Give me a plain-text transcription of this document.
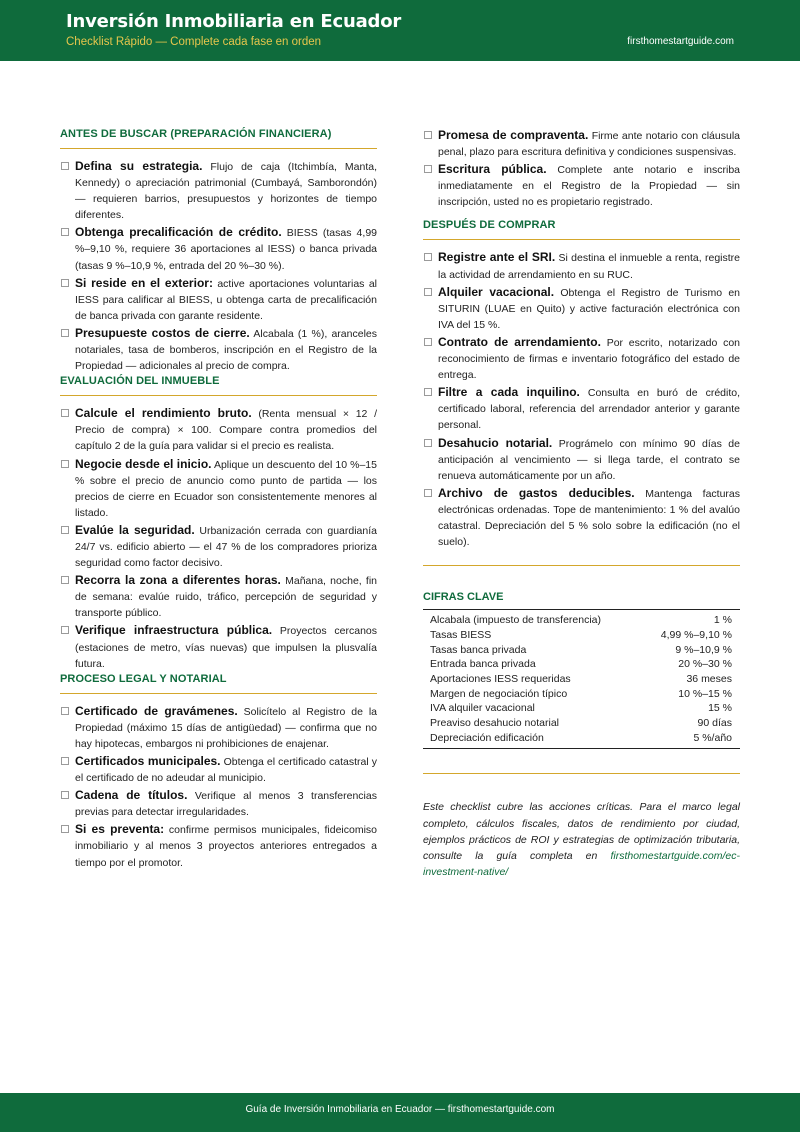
Inversión Inmobiliaria en Ecuador
Checklist Rápido — Complete cada fase en orden	firsthomestartguide.com
ANTES DE BUSCAR (PREPARACIÓN FINANCIERA)
Defina su estrategia. Flujo de caja (Itchimbía, Manta, Kennedy) o apreciación patrimonial (Cumbayá, Samborondón) — requieren barrios, presupuestos y horizontes de tiempo diferentes.
Obtenga precalificación de crédito. BIESS (tasas 4,99 %–9,10 %, requiere 36 aportaciones al IESS) o banca privada (tasas 9 %–10,9 %, entrada del 20 %–30 %).
Si reside en el exterior: active aportaciones voluntarias al IESS para calificar al BIESS, u obtenga carta de precalificación de banca privada con garante residente.
Presupueste costos de cierre. Alcabala (1 %), aranceles notariales, tasa de bomberos, inscripción en el Registro de la Propiedad — adicionales al precio de compra.
EVALUACIÓN DEL INMUEBLE
Calcule el rendimiento bruto. (Renta mensual × 12 / Precio de compra) × 100. Compare contra promedios del capítulo 2 de la guía para validar si el precio es realista.
Negocie desde el inicio. Aplique un descuento del 10 %–15 % sobre el precio de anuncio como punto de partida — los precios de cierre en Ecuador son consistentemente menores al listado.
Evalúe la seguridad. Urbanización cerrada con guardianía 24/7 vs. edificio abierto — el 47 % de los compradores prioriza seguridad como factor decisivo.
Recorra la zona a diferentes horas. Mañana, noche, fin de semana: evalúe ruido, tráfico, percepción de seguridad y transporte público.
Verifique infraestructura pública. Proyectos cercanos (estaciones de metro, vías nuevas) que impulsen la plusvalía futura.
PROCESO LEGAL Y NOTARIAL
Certificado de gravámenes. Solicítelo al Registro de la Propiedad (máximo 15 días de antigüedad) — confirma que no hay hipotecas, embargos ni prohibiciones de enajenar.
Certificados municipales. Obtenga el certificado catastral y el certificado de no adeudar al municipio.
Cadena de títulos. Verifique al menos 3 transferencias previas para detectar irregularidades.
Si es preventa: confirme permisos municipales, fideicomiso inmobiliario y al menos 3 proyectos anteriores entregados a tiempo por el promotor.
Promesa de compraventa. Firme ante notario con cláusula penal, plazo para escritura definitiva y condiciones suspensivas.
Escritura pública. Complete ante notario e inscriba inmediatamente en el Registro de la Propiedad — sin inscripción, usted no es propietario registrado.
DESPUÉS DE COMPRAR
Registre ante el SRI. Si destina el inmueble a renta, registre la actividad de arrendamiento en su RUC.
Alquiler vacacional. Obtenga el Registro de Turismo en SITURIN (LUAE en Quito) y active facturación electrónica con IVA del 15 %.
Contrato de arrendamiento. Por escrito, notarizado con reconocimiento de firmas e inventario fotográfico del estado de entrega.
Filtre a cada inquilino. Consulta en buró de crédito, certificado laboral, referencia del arrendador anterior y garante personal.
Desahucio notarial. Prográmelo con mínimo 90 días de anticipación al vencimiento — si llega tarde, el contrato se renueva automáticamente por un año.
Archivo de gastos deducibles. Mantenga facturas electrónicas ordenadas. Tope de mantenimiento: 1 % del avalúo catastral. Depreciación del 5 % solo sobre la edificación (no el suelo).
CIFRAS CLAVE
Alcabala (impuesto de transferencia)	1 %
Tasas BIESS	4,99 %–9,10 %
Tasas banca privada	9 %–10,9 %
Entrada banca privada	20 %–30 %
Aportaciones IESS requeridas	36 meses
Margen de negociación típico	10 %–15 %
IVA alquiler vacacional	15 %
Preaviso desahucio notarial	90 días
Depreciación edificación	5 %/año
Este checklist cubre las acciones críticas. Para el marco legal completo, cálculos fiscales, datos de rendimiento por ciudad, ejemplos prácticos de ROI y estrategias de optimización tributaria, consulte la guía completa en firsthomestartguide.com/ec-investment-native/
Guía de Inversión Inmobiliaria en Ecuador — firsthomestartguide.com
